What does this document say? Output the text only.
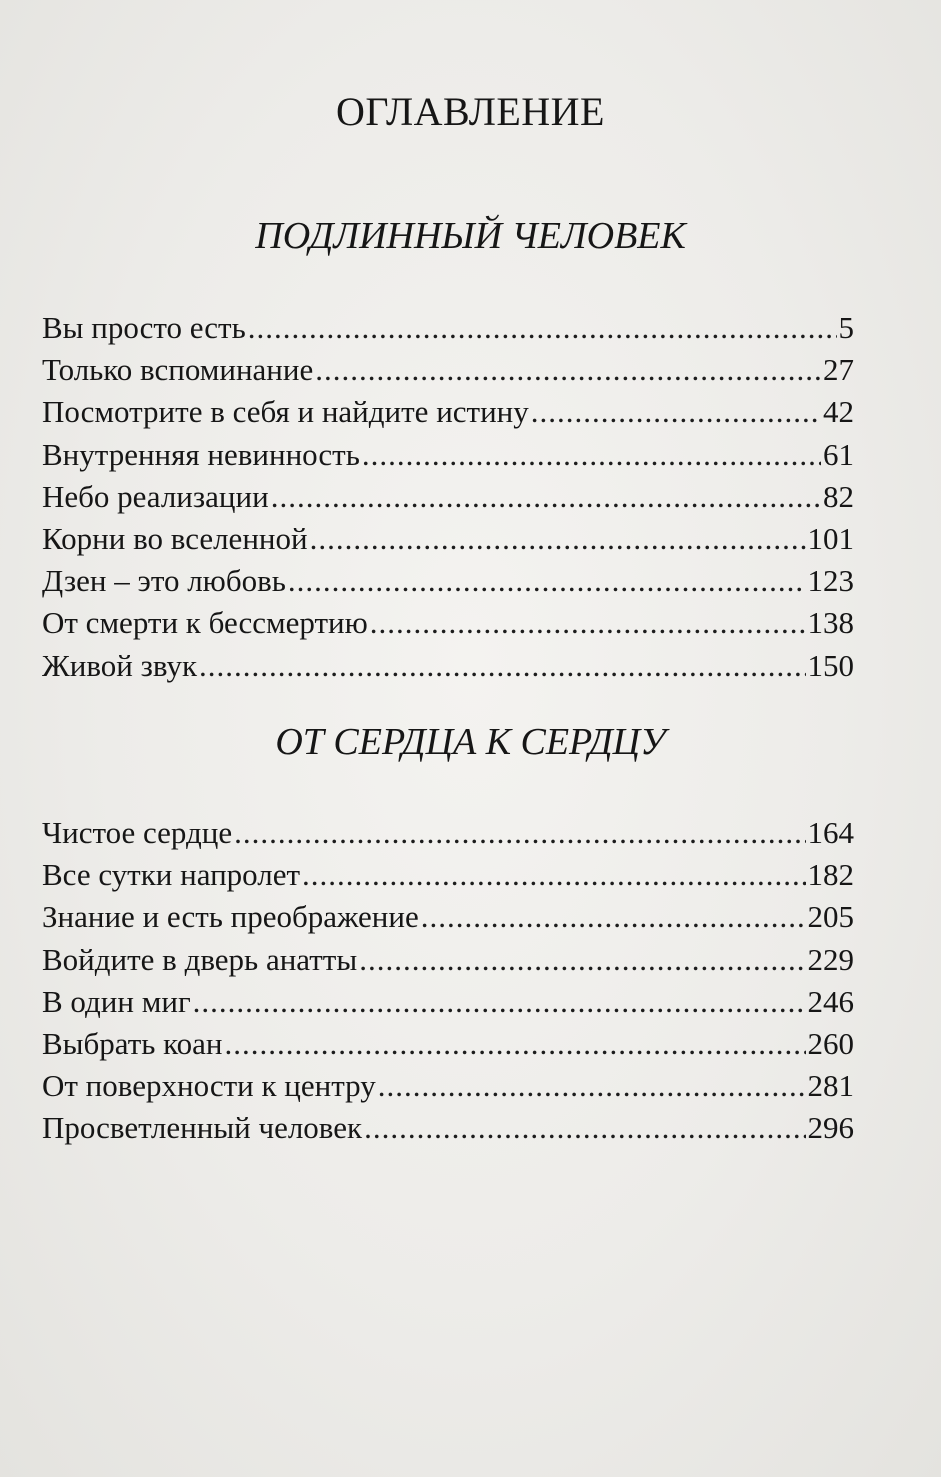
ОГЛАВЛЕНИЕ
ПОДЛИННЫЙ ЧЕЛОВЕК
Вы просто есть .....	5
Только вспоминание .....	27
Посмотрите в себя и найдите истину .....	42
Внутренняя невинность .....	61
Небо реализации .....	82
Корни во вселенной .....	101
Дзен – это любовь .....	123
От смерти к бессмертию .....	138
Живой звук .....	150
ОТ СЕРДЦА К СЕРДЦУ
Чистое сердце .....	164
Все сутки напролет .....	182
Знание и есть преображение .....	205
Войдите в дверь анатты .....	229
В один миг .....	246
Выбрать коан .....	260
От поверхности к центру .....	281
Просветленный человек .....	296
